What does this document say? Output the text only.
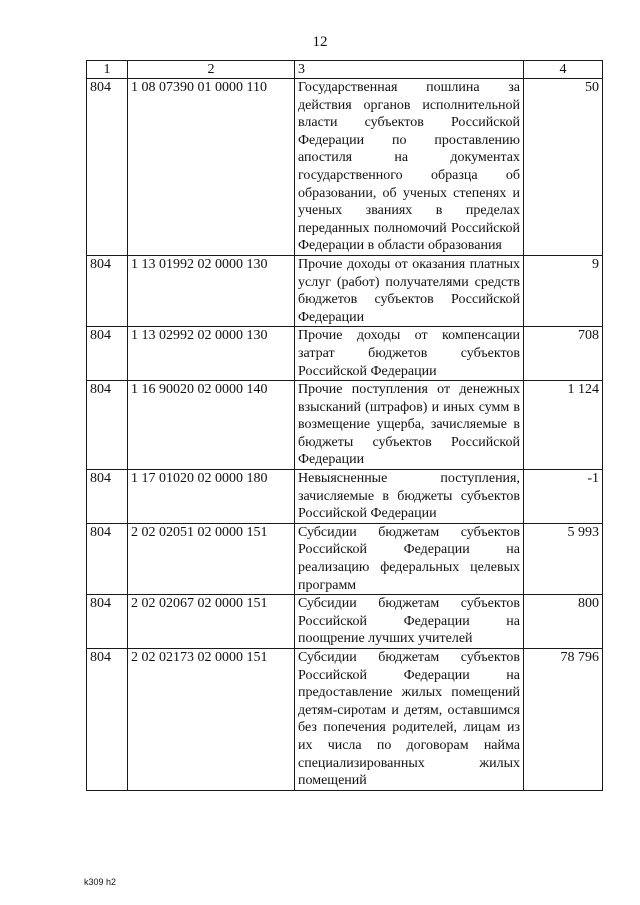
12
1	2	3	4
804	1 08 07390 01 0000 110	Государственная пошлина за действия органов исполнительной власти субъектов Российской Федерации по проставлению апостиля на документах государственного образца об образовании, об ученых степенях и ученых званиях в пределах переданных полномочий Российской Федерации в области образования	50
804	1 13 01992 02 0000 130	Прочие доходы от оказания платных услуг (работ) получателями средств бюджетов субъектов Российской Федерации	9
804	1 13 02992 02 0000 130	Прочие доходы от компенсации затрат бюджетов субъектов Российской Федерации	708
804	1 16 90020 02 0000 140	Прочие поступления от денежных взысканий (штрафов) и иных сумм в возмещение ущерба, зачисляемые в бюджеты субъектов Российской Федерации	1 124
804	1 17 01020 02 0000 180	Невыясненные поступления, зачисляемые в бюджеты субъектов Российской Федерации	-1
804	2 02 02051 02 0000 151	Субсидии бюджетам субъектов Российской Федерации на реализацию федеральных целевых программ	5 993
804	2 02 02067 02 0000 151	Субсидии бюджетам субъектов Российской Федерации на поощрение лучших учителей	800
804	2 02 02173 02 0000 151	Субсидии бюджетам субъектов Российской Федерации на предоставление жилых помещений детям-сиротам и детям, оставшимся без попечения родителей, лицам из их числа по договорам найма специализированных жилых помещений	78 796
k309 h2
